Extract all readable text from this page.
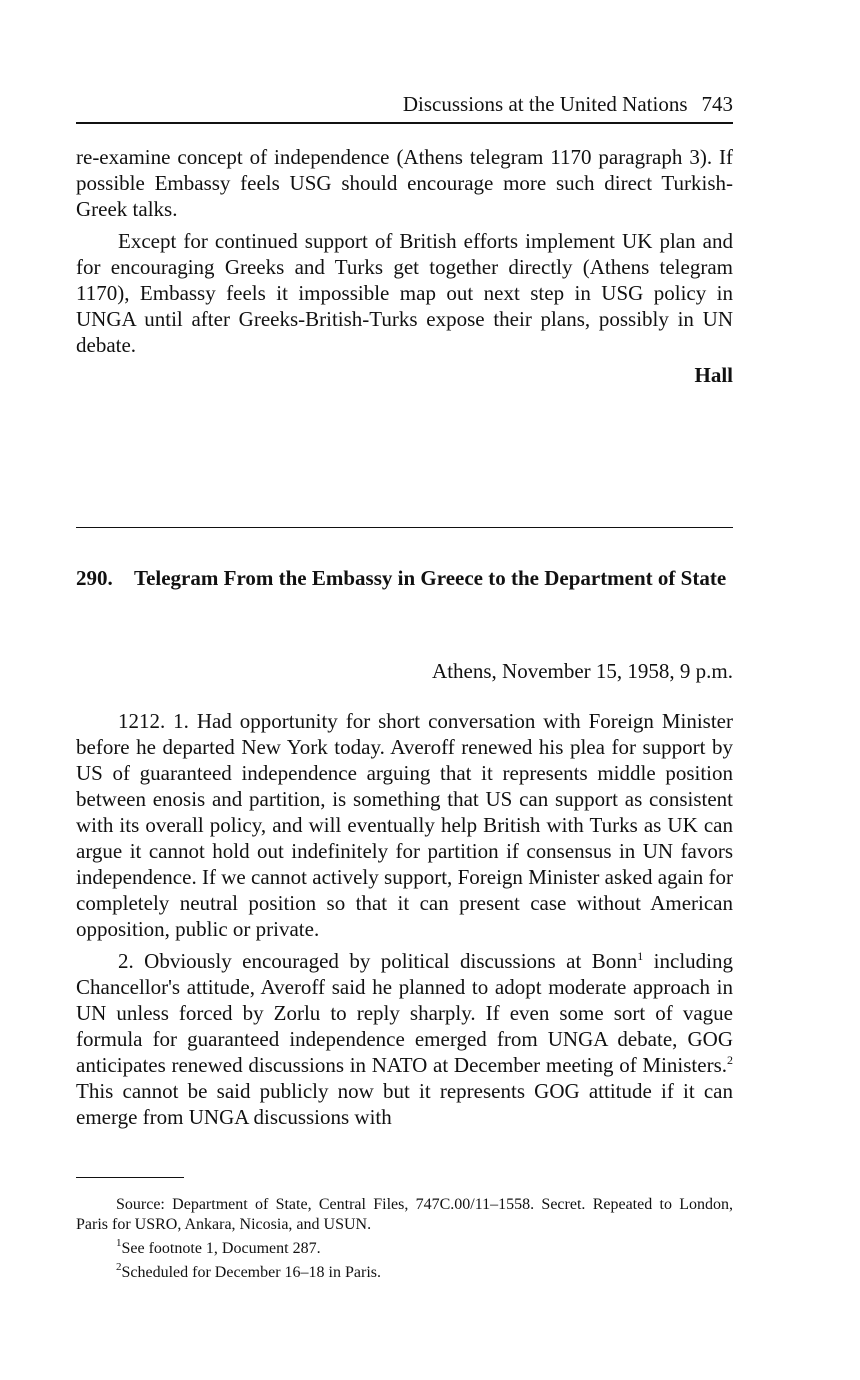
Discussions at the United Nations 743

re-examine concept of independence (Athens telegram 1170 paragraph 3). If possible Embassy feels USG should encourage more such direct Turkish-Greek talks.

Except for continued support of British efforts implement UK plan and for encouraging Greeks and Turks get together directly (Athens telegram 1170), Embassy feels it impossible map out next step in USG policy in UNGA until after Greeks-British-Turks expose their plans, possibly in UN debate.

Hall
290.	Telegram From the Embassy in Greece to the Department of State
Athens, November 15, 1958, 9 p.m.

1212. 1. Had opportunity for short conversation with Foreign Minister before he departed New York today. Averoff renewed his plea for support by US of guaranteed independence arguing that it represents middle position between enosis and partition, is something that US can support as consistent with its overall policy, and will eventually help British with Turks as UK can argue it cannot hold out indefinitely for partition if consensus in UN favors independence. If we cannot actively support, Foreign Minister asked again for completely neutral position so that it can present case without American opposition, public or private.

2. Obviously encouraged by political discussions at Bonn$^1$ including Chancellor's attitude, Averoff said he planned to adopt moderate approach in UN unless forced by Zorlu to reply sharply. If even some sort of vague formula for guaranteed independence emerged from UNGA debate, GOG anticipates renewed discussions in NATO at December meeting of Ministers.$^2$ This cannot be said publicly now but it represents GOG attitude if it can emerge from UNGA discussions with

Source: Department of State, Central Files, 747C.00/11–1558. Secret. Repeated to London, Paris for USRO, Ankara, Nicosia, and USUN.

$^1$See footnote 1, Document 287.

$^2$Scheduled for December 16–18 in Paris.
